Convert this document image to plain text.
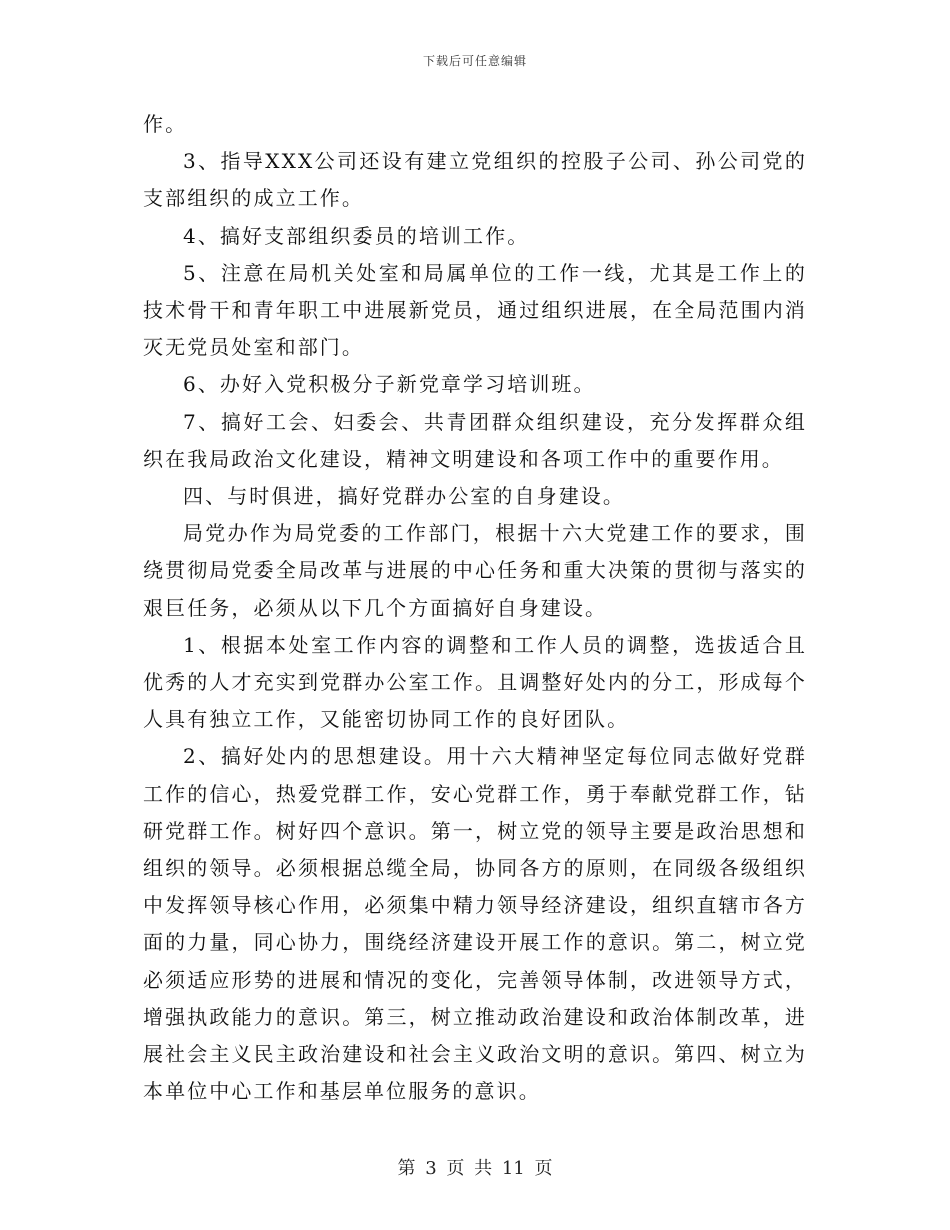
下载后可任意编辑

作。

3、指导XXX公司还设有建立党组织的控股子公司、孙公司党的支部组织的成立工作。

4、搞好支部组织委员的培训工作。

5、注意在局机关处室和局属单位的工作一线，尤其是工作上的技术骨干和青年职工中进展新党员，通过组织进展，在全局范围内消灭无党员处室和部门。

6、办好入党积极分子新党章学习培训班。

7、搞好工会、妇委会、共青团群众组织建设，充分发挥群众组织在我局政治文化建设，精神文明建设和各项工作中的重要作用。

四、与时俱进，搞好党群办公室的自身建设。

局党办作为局党委的工作部门，根据十六大党建工作的要求，围绕贯彻局党委全局改革与进展的中心任务和重大决策的贯彻与落实的艰巨任务，必须从以下几个方面搞好自身建设。

1、根据本处室工作内容的调整和工作人员的调整，选拔适合且优秀的人才充实到党群办公室工作。且调整好处内的分工，形成每个人具有独立工作，又能密切协同工作的良好团队。

2、搞好处内的思想建设。用十六大精神坚定每位同志做好党群工作的信心，热爱党群工作，安心党群工作，勇于奉献党群工作，钻研党群工作。树好四个意识。第一，树立党的领导主要是政治思想和组织的领导。必须根据总缆全局，协同各方的原则，在同级各级组织中发挥领导核心作用，必须集中精力领导经济建设，组织直辖市各方面的力量，同心协力，围绕经济建设开展工作的意识。第二，树立党必须适应形势的进展和情况的变化，完善领导体制，改进领导方式，增强执政能力的意识。第三，树立推动政治建设和政治体制改革，进展社会主义民主政治建设和社会主义政治文明的意识。第四、树立为本单位中心工作和基层单位服务的意识。

第 3 页 共 11 页
